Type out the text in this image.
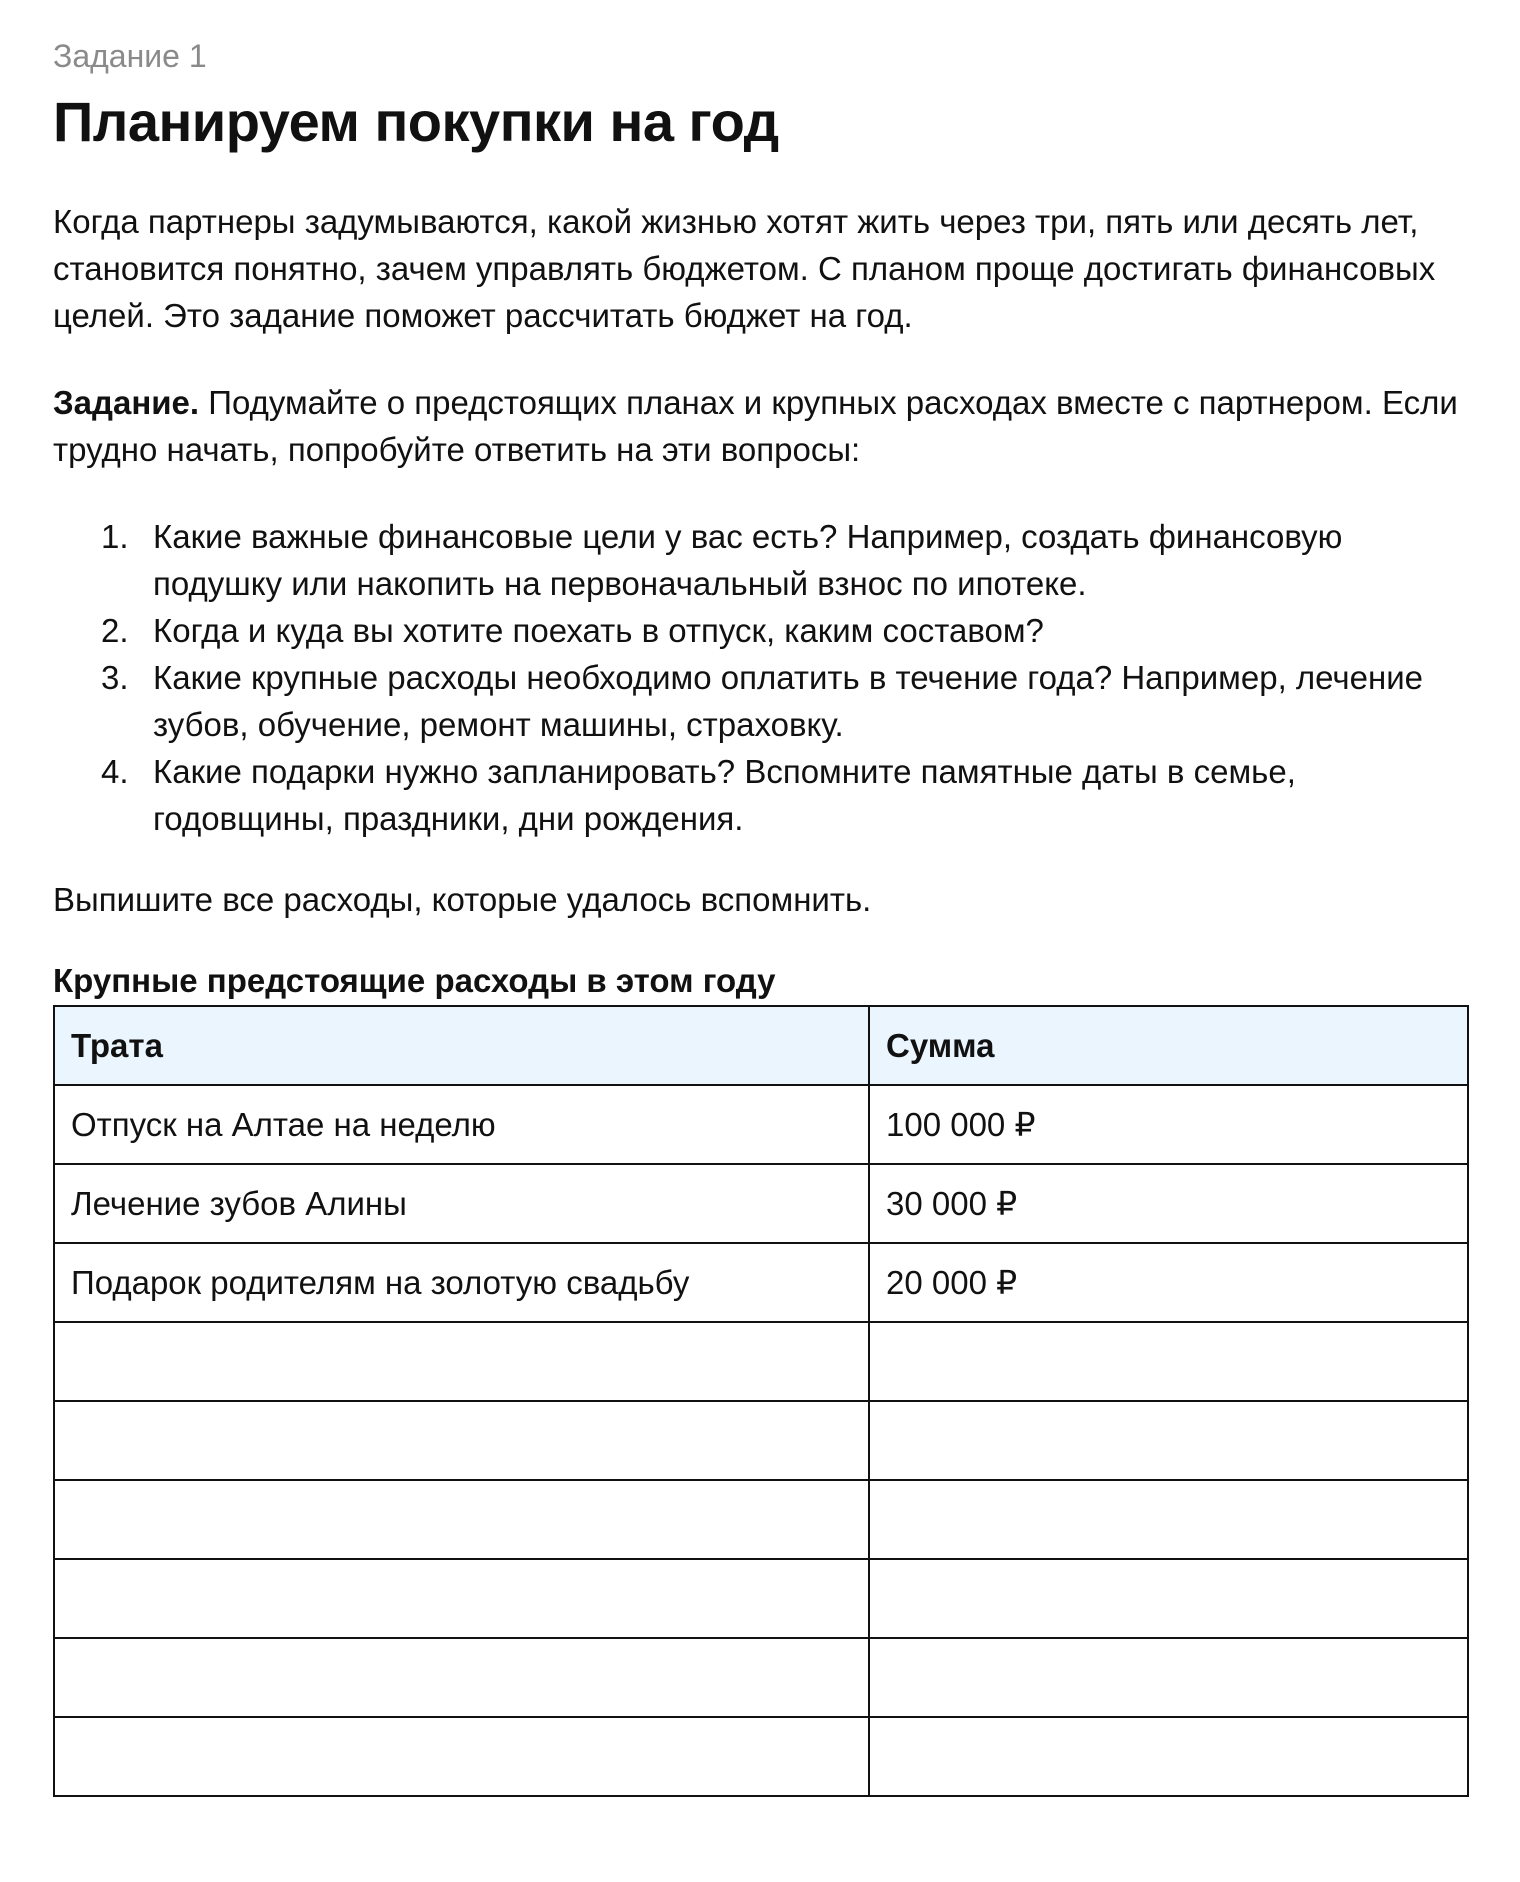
Задание 1

Планируем покупки на год

Когда партнеры задумываются, какой жизнью хотят жить через три, пять или десять лет, становится понятно, зачем управлять бюджетом. С планом проще достигать финансовых целей. Это задание поможет рассчитать бюджет на год.

Задание. Подумайте о предстоящих планах и крупных расходах вместе с партнером. Если трудно начать, попробуйте ответить на эти вопросы:

1. Какие важные финансовые цели у вас есть? Например, создать финансовую подушку или накопить на первоначальный взнос по ипотеке.
2. Когда и куда вы хотите поехать в отпуск, каким составом?
3. Какие крупные расходы необходимо оплатить в течение года? Например, лечение зубов, обучение, ремонт машины, страховку.
4. Какие подарки нужно запланировать? Вспомните памятные даты в семье, годовщины, праздники, дни рождения.

Выпишите все расходы, которые удалось вспомнить.

Крупные предстоящие расходы в этом году

Трата	Сумма
Отпуск на Алтае на неделю	100 000 ₽
Лечение зубов Алины	30 000 ₽
Подарок родителям на золотую свадьбу	20 000 ₽
